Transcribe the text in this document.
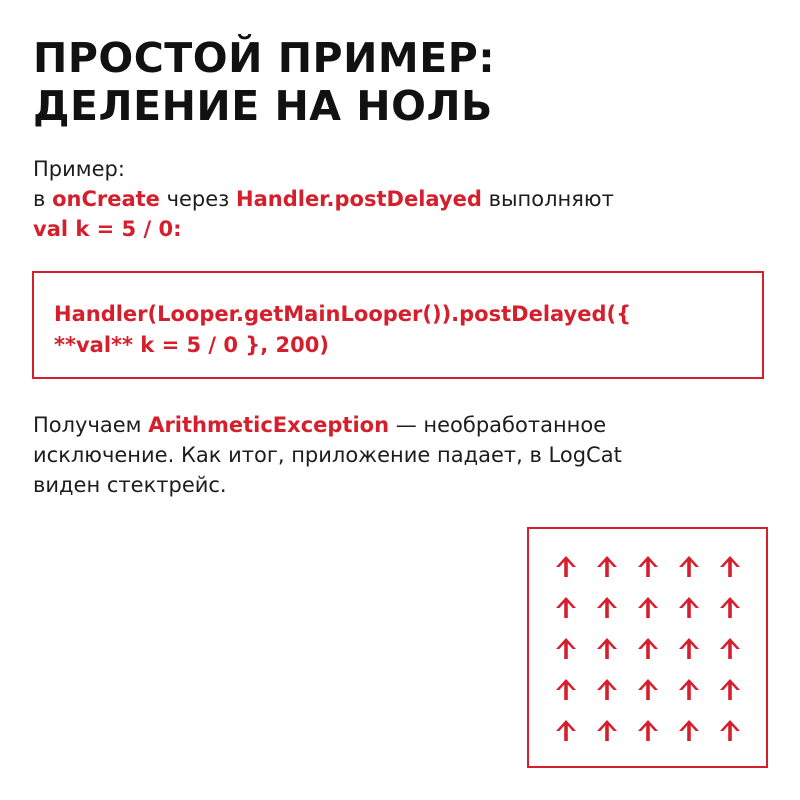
ПРОСТОЙ ПРИМЕР:
ДЕЛЕНИЕ НА НОЛЬ
Пример:
в onCreate через Handler.postDelayed выполняют
val k = 5 / 0:
Handler(Looper.getMainLooper()).postDelayed({
**val** k = 5 / 0 }, 200)
Получаем ArithmeticException — необработанное
исключение. Как итог, приложение падает, в LogCat
виден стектрейс.
